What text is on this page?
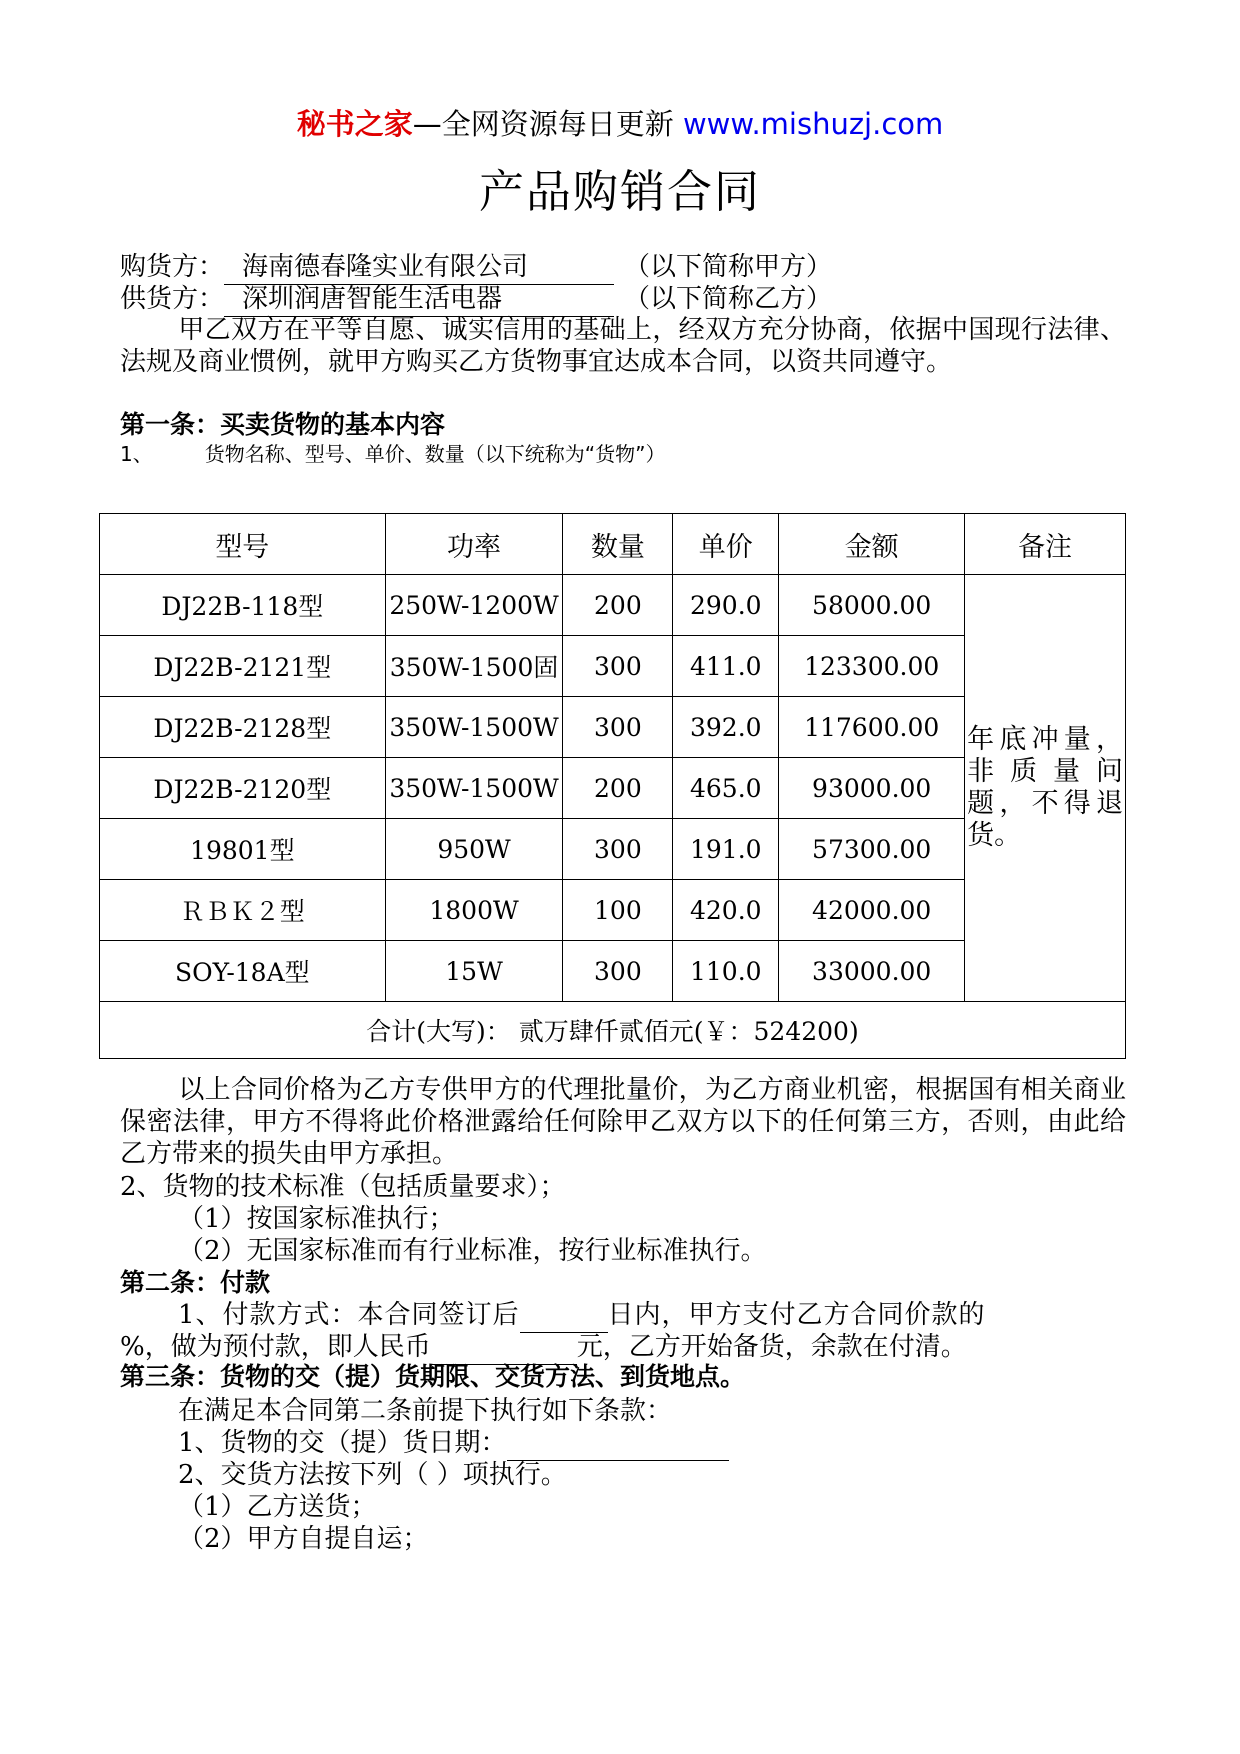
秘书之家—全网资源每日更新 www.mishuzj.com
产品购销合同
购货方： 海南德春隆实业有限公司	（以下简称甲方）
供货方： 深圳润唐智能生活电器	（以下简称乙方）
甲乙双方在平等自愿、诚实信用的基础上，经双方充分协商，依据中国现行法律、法规及商业惯例，就甲方购买乙方货物事宜达成本合同，以资共同遵守。
第一条：买卖货物的基本内容
1、	货物名称、型号、单价、数量（以下统称为“货物”）
型号	功率	数量	单价	金额	备注
DJ22B-118型	250W-1200W	200	290.0	58000.00	年底冲量，非质量问题，不得退货。
DJ22B-2121型	350W-1500固	300	411.0	123300.00	
DJ22B-2128型	350W-1500W	300	392.0	117600.00	
DJ22B-2120型	350W-1500W	200	465.0	93000.00	
19801型	950W	300	191.0	57300.00	
ＲＢＫ２型	1800W	100	420.0	42000.00	
SOY-18A型	15W	300	110.0	33000.00	
合计(大写)： 贰万肆仟贰佰元(￥：524200)					
以上合同价格为乙方专供甲方的代理批量价，为乙方商业机密，根据国有相关商业保密法律，甲方不得将此价格泄露给任何除甲乙双方以下的任何第三方，否则，由此给乙方带来的损失由甲方承担。
2、货物的技术标准（包括质量要求）；
（1）按国家标准执行；
（2）无国家标准而有行业标准，按行业标准执行。
第二条：付款
1、付款方式：本合同签订后	日内，甲方支付乙方合同价款的
%，做为预付款，即人民币	元，乙方开始备货，余款在付清。
第三条：货物的交（提）货期限、交货方法、到货地点。
在满足本合同第二条前提下执行如下条款：
1、货物的交（提）货日期：
2、交货方法按下列（ ）项执行。
（1）乙方送货；
（2）甲方自提自运；
